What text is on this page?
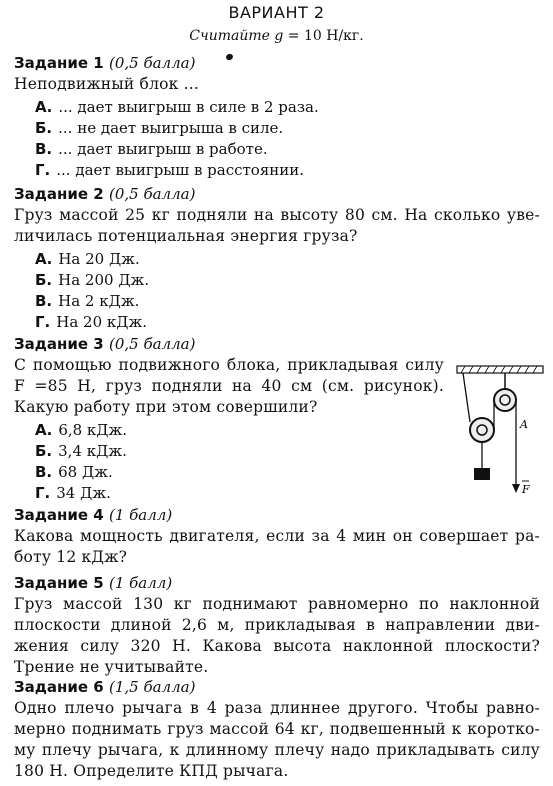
ВАРИАНТ 2
Считайте g = 10 Н/кг.
Задание 1 (0,5 балла)
Неподвижный блок ...
А. ... дает выигрыш в силе в 2 раза.
Б. ... не дает выигрыша в силе.
В. ... дает выигрыш в работе.
Г. ... дает выигрыш в расстоянии.
Задание 2 (0,5 балла)
Груз массой 25 кг подняли на высоту 80 см. На сколько уве-
личилась потенциальная энергия груза?
А. На 20 Дж.
Б. На 200 Дж.
В. На 2 кДж.
Г. На 20 кДж.
Задание 3 (0,5 балла)
С помощью подвижного блока, прикладывая силу
F =85 Н, груз подняли на 40 см (см. рисунок).
Какую работу при этом совершили?
А. 6,8 кДж.
Б. 3,4 кДж.
В. 68 Дж.
Г. 34 Дж.
A
F
Задание 4 (1 балл)
Какова мощность двигателя, если за 4 мин он совершает ра-
боту 12 кДж?
Задание 5 (1 балл)
Груз массой 130 кг поднимают равномерно по наклонной
плоскости длиной 2,6 м, прикладывая в направлении дви-
жения силу 320 Н. Какова высота наклонной плоскости?
Трение не учитывайте.
Задание 6 (1,5 балла)
Одно плечо рычага в 4 раза длиннее другого. Чтобы равно-
мерно поднимать груз массой 64 кг, подвешенный к коротко-
му плечу рычага, к длинному плечу надо прикладывать силу
180 Н. Определите КПД рычага.
